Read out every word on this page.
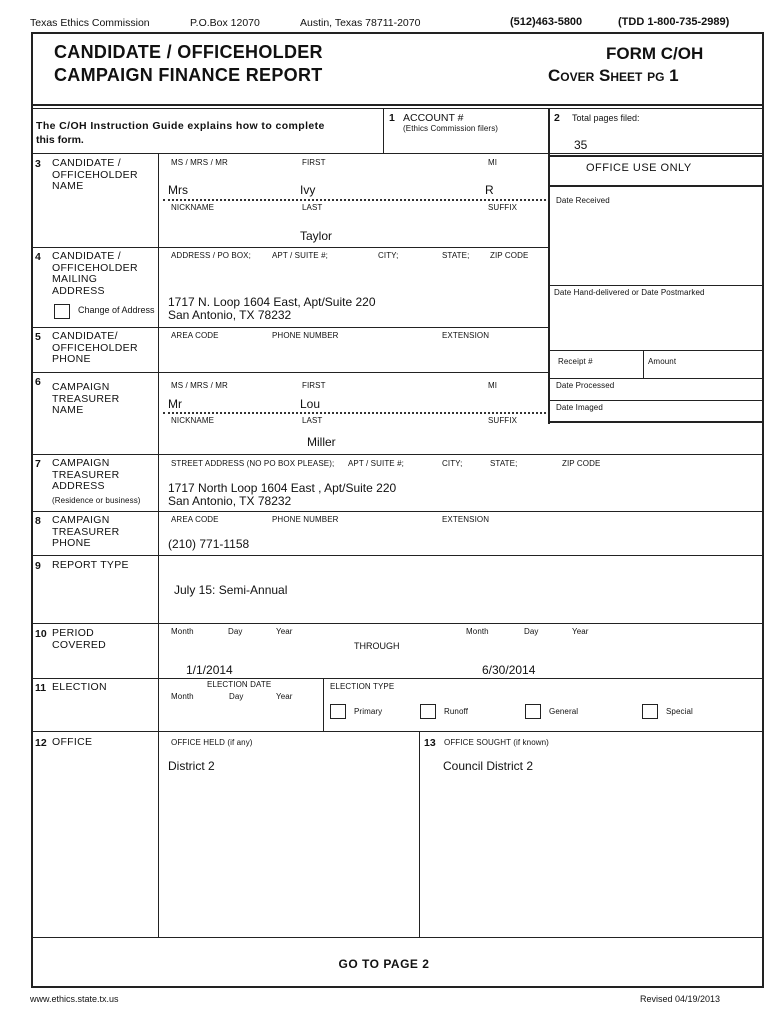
Texas Ethics Commission	P.O.Box 12070	Austin, Texas 78711-2070	(512)463-5800	(TDD 1-800-735-2989)
CANDIDATE / OFFICEHOLDER
CAMPAIGN FINANCE REPORT
FORM C/OH
Cover Sheet pg 1
The C/OH Instruction Guide explains how to complete
this form.
1 ACCOUNT #
(Ethics Commission filers)
2 Total pages filed:
35
OFFICE USE ONLY
Date Received
Date Hand-delivered or Date Postmarked
Receipt #	Amount
Date Processed
Date Imaged
3 CANDIDATE /
OFFICEHOLDER
NAME
MS / MRS / MR	FIRST	MI
Mrs	Ivy	R
NICKNAME	LAST	SUFFIX
Taylor
4 CANDIDATE /
OFFICEHOLDER
MAILING
ADDRESS
Change of Address
ADDRESS / PO BOX;	APT / SUITE #;	CITY;	STATE;	ZIP CODE
1717 N. Loop 1604 East, Apt/Suite 220
San Antonio, TX 78232
5 CANDIDATE/
OFFICEHOLDER
PHONE
AREA CODE	PHONE NUMBER	EXTENSION
6 CAMPAIGN
TREASURER
NAME
MS / MRS / MR	FIRST	MI
Mr	Lou
NICKNAME	LAST	SUFFIX
Miller
7 CAMPAIGN
TREASURER
ADDRESS
(Residence or business)
STREET ADDRESS (NO PO BOX PLEASE); APT / SUITE #;	CITY;	STATE;	ZIP CODE
1717 North Loop 1604 East , Apt/Suite 220
San Antonio, TX 78232
8 CAMPAIGN
TREASURER
PHONE
AREA CODE	PHONE NUMBER	EXTENSION
(210) 771-1158
9 REPORT TYPE
July 15: Semi-Annual
10 PERIOD
COVERED
Month	Day	Year
THROUGH
Month	Day	Year
1/1/2014	6/30/2014
11 ELECTION	ELECTION DATE
Month	Day	Year
ELECTION TYPE
Primary	Runoff	General	Special
12 OFFICE	OFFICE HELD (if any)
District 2
13 OFFICE SOUGHT (if known)
Council District 2
GO TO PAGE 2
www.ethics.state.tx.us	Revised 04/19/2013
